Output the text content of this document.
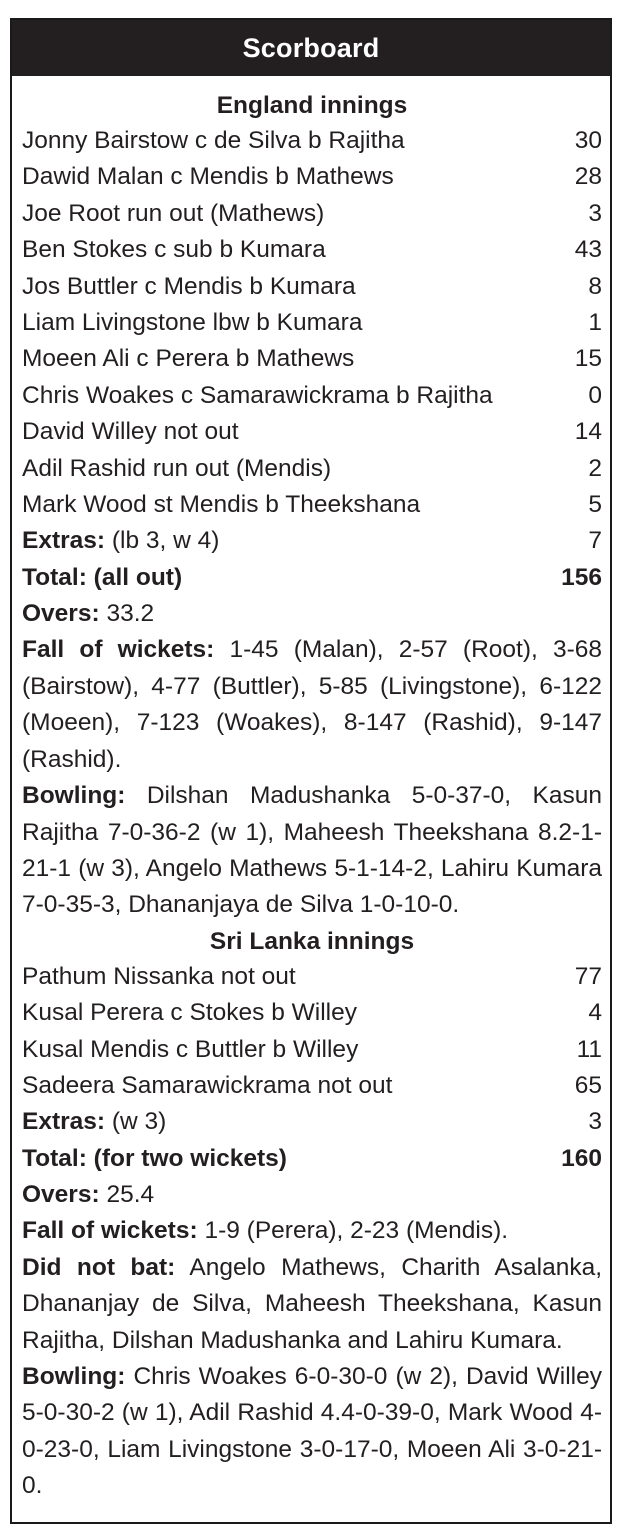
Scorboard
England innings
Jonny Bairstow c de Silva b Rajitha	30
Dawid Malan c Mendis b Mathews	28
Joe Root run out (Mathews)	3
Ben Stokes c sub b Kumara	43
Jos Buttler c Mendis b Kumara	8
Liam Livingstone lbw b Kumara	1
Moeen Ali c Perera b Mathews	15
Chris Woakes c Samarawickrama b Rajitha	0
David Willey not out	14
Adil Rashid run out (Mendis)	2
Mark Wood st Mendis b Theekshana	5
Extras: (lb 3, w 4)	7
Total: (all out)	156
Overs: 33.2
Fall of wickets: 1-45 (Malan), 2-57 (Root), 3-68 (Bairstow), 4-77 (Buttler), 5-85 (Livingstone), 6-122 (Moeen), 7-123 (Woakes), 8-147 (Rashid), 9-147 (Rashid).
Bowling: Dilshan Madushanka 5-0-37-0, Kasun Rajitha 7-0-36-2 (w 1), Maheesh Theekshana 8.2-1-21-1 (w 3), Angelo Mathews 5-1-14-2, Lahiru Kumara 7-0-35-3, Dhananjaya de Silva 1-0-10-0.
Sri Lanka innings
Pathum Nissanka not out	77
Kusal Perera c Stokes b Willey	4
Kusal Mendis c Buttler b Willey	11
Sadeera Samarawickrama not out	65
Extras: (w 3)	3
Total: (for two wickets)	160
Overs: 25.4
Fall of wickets: 1-9 (Perera), 2-23 (Mendis).
Did not bat: Angelo Mathews, Charith Asalanka, Dhananjay de Silva, Maheesh Theekshana, Kasun Rajitha, Dilshan Madushanka and Lahiru Kumara.
Bowling: Chris Woakes 6-0-30-0 (w 2), David Willey 5-0-30-2 (w 1), Adil Rashid 4.4-0-39-0, Mark Wood 4-0-23-0, Liam Livingstone 3-0-17-0, Moeen Ali 3-0-21-0.
